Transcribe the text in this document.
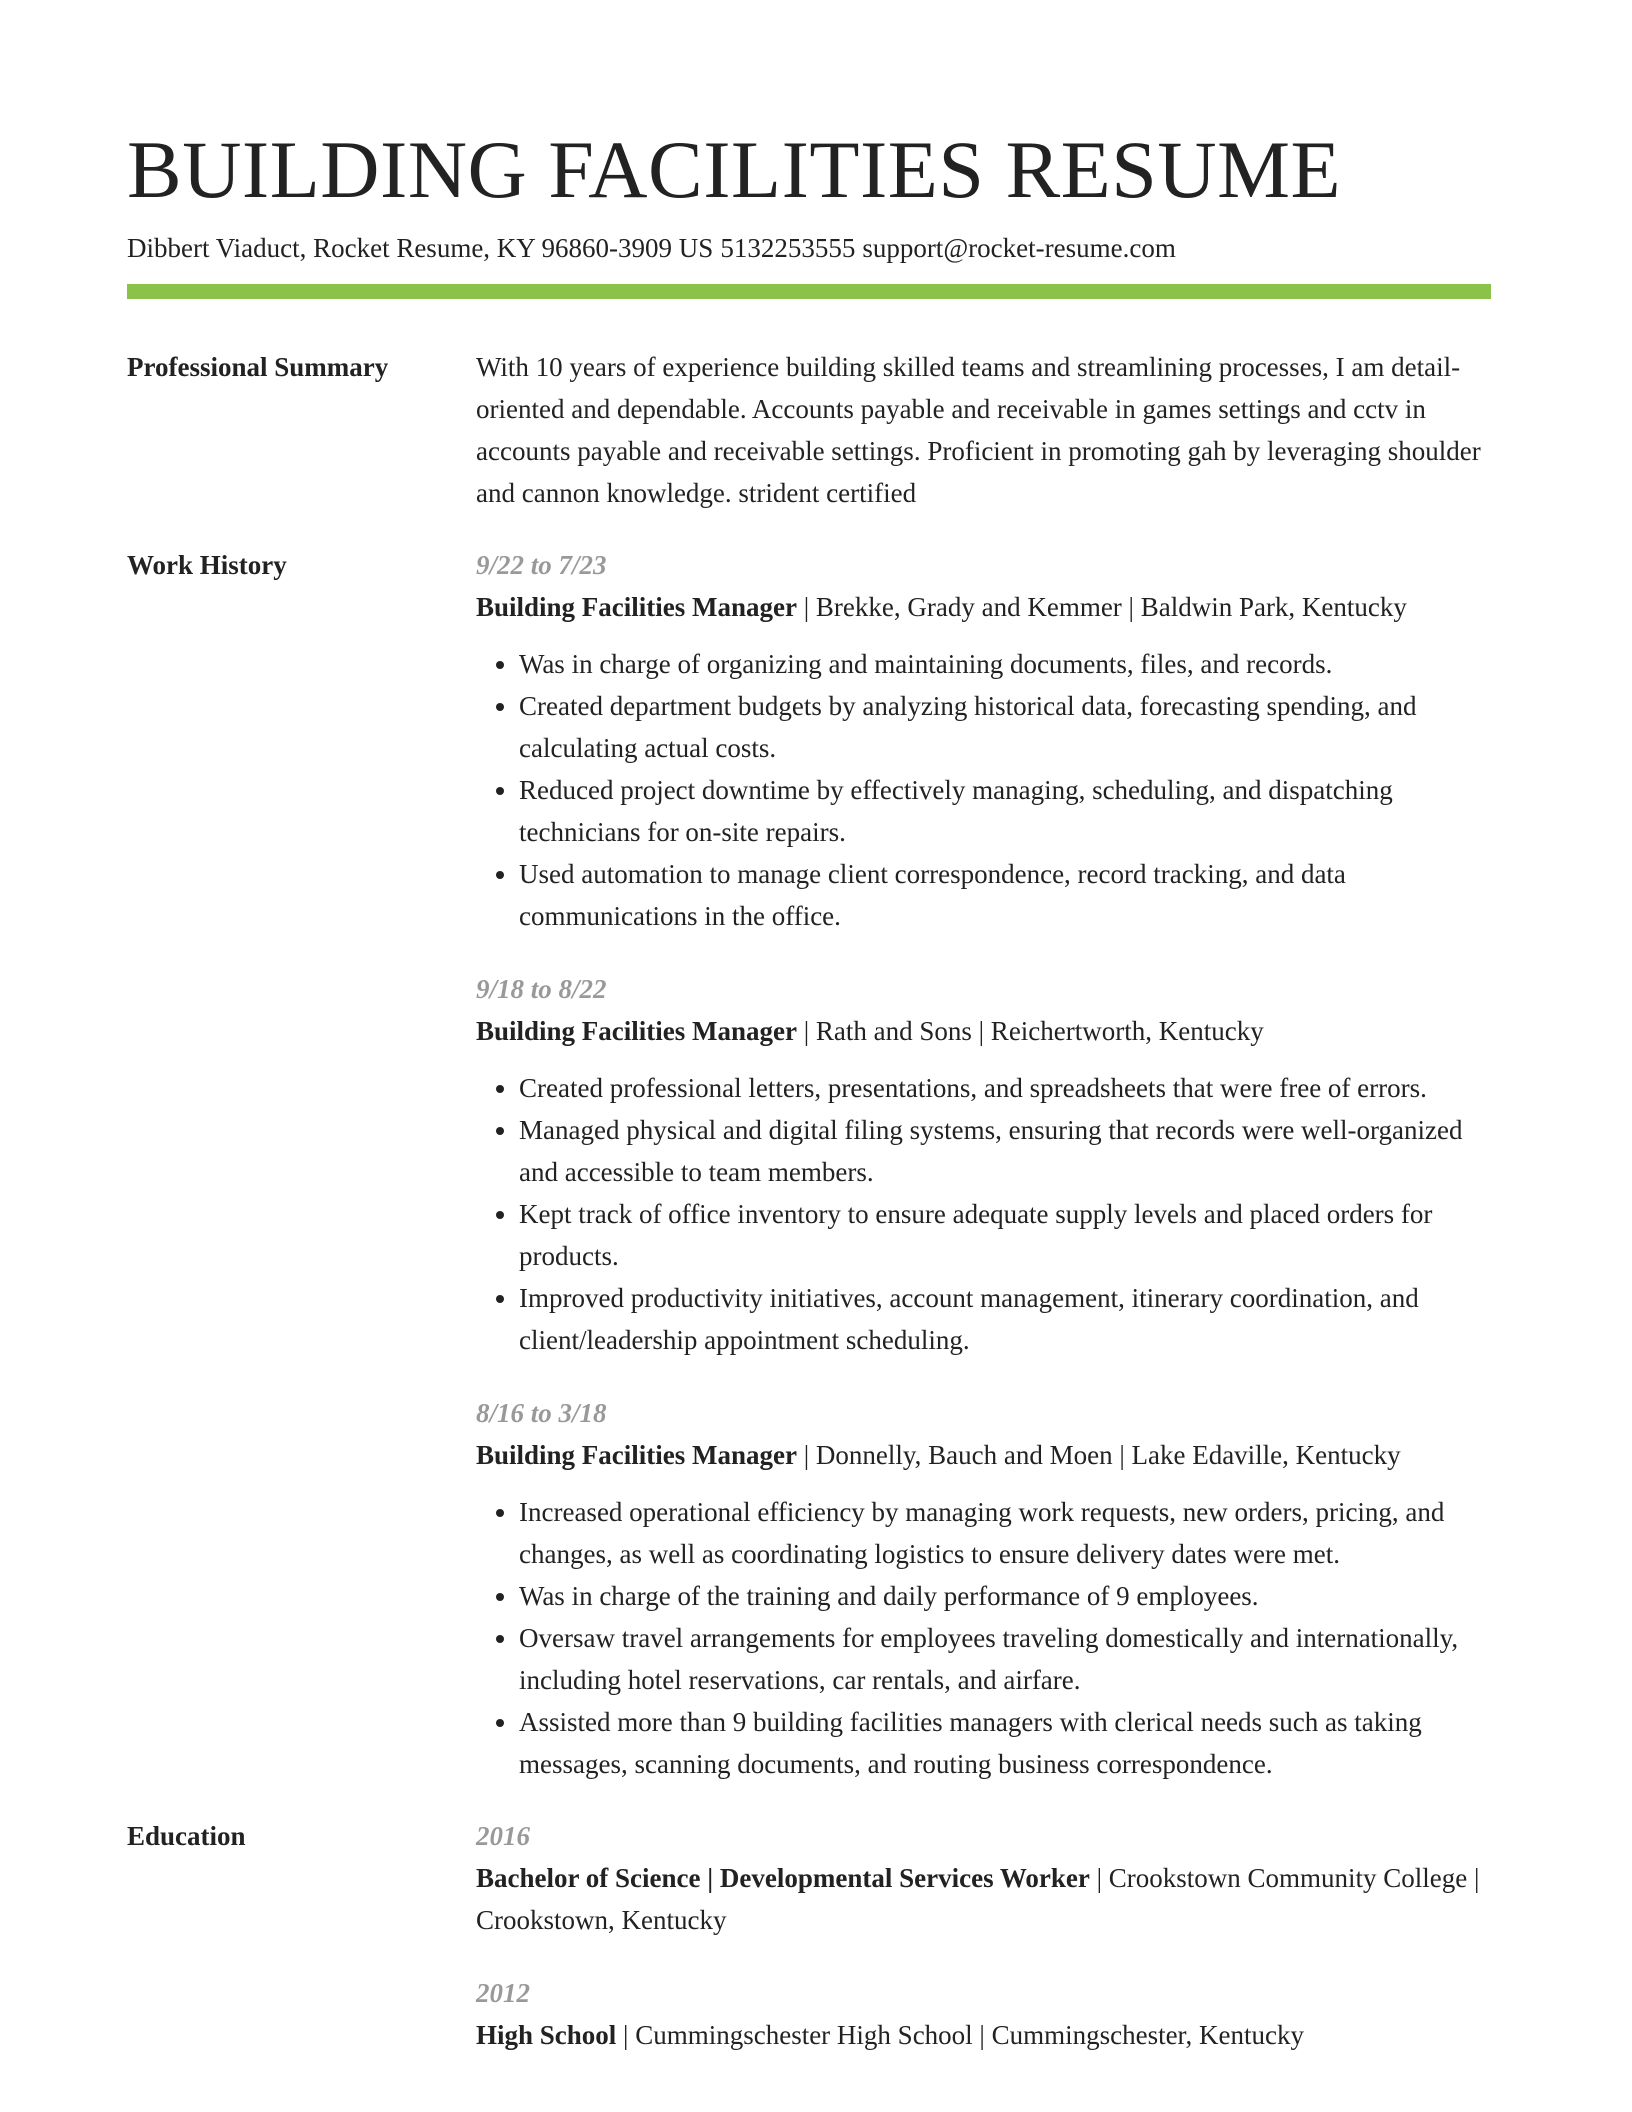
BUILDING FACILITIES RESUME
Dibbert Viaduct, Rocket Resume, KY 96860-3909 US 5132253555 support@rocket-resume.com
Professional Summary	With 10 years of experience building skilled teams and streamlining processes, I am detail-oriented and dependable. Accounts payable and receivable in games settings and cctv in accounts payable and receivable settings. Proficient in promoting gah by leveraging shoulder and cannon knowledge. strident certified
Work History	9/22 to 7/23
Building Facilities Manager | Brekke, Grady and Kemmer | Baldwin Park, Kentucky
• Was in charge of organizing and maintaining documents, files, and records.
• Created department budgets by analyzing historical data, forecasting spending, and calculating actual costs.
• Reduced project downtime by effectively managing, scheduling, and dispatching technicians for on-site repairs.
• Used automation to manage client correspondence, record tracking, and data communications in the office.
9/18 to 8/22
Building Facilities Manager | Rath and Sons | Reichertworth, Kentucky
• Created professional letters, presentations, and spreadsheets that were free of errors.
• Managed physical and digital filing systems, ensuring that records were well-organized and accessible to team members.
• Kept track of office inventory to ensure adequate supply levels and placed orders for products.
• Improved productivity initiatives, account management, itinerary coordination, and client/leadership appointment scheduling.
8/16 to 3/18
Building Facilities Manager | Donnelly, Bauch and Moen | Lake Edaville, Kentucky
• Increased operational efficiency by managing work requests, new orders, pricing, and changes, as well as coordinating logistics to ensure delivery dates were met.
• Was in charge of the training and daily performance of 9 employees.
• Oversaw travel arrangements for employees traveling domestically and internationally, including hotel reservations, car rentals, and airfare.
• Assisted more than 9 building facilities managers with clerical needs such as taking messages, scanning documents, and routing business correspondence.
Education	2016
Bachelor of Science | Developmental Services Worker | Crookstown Community College | Crookstown, Kentucky
2012
High School | Cummingschester High School | Cummingschester, Kentucky
